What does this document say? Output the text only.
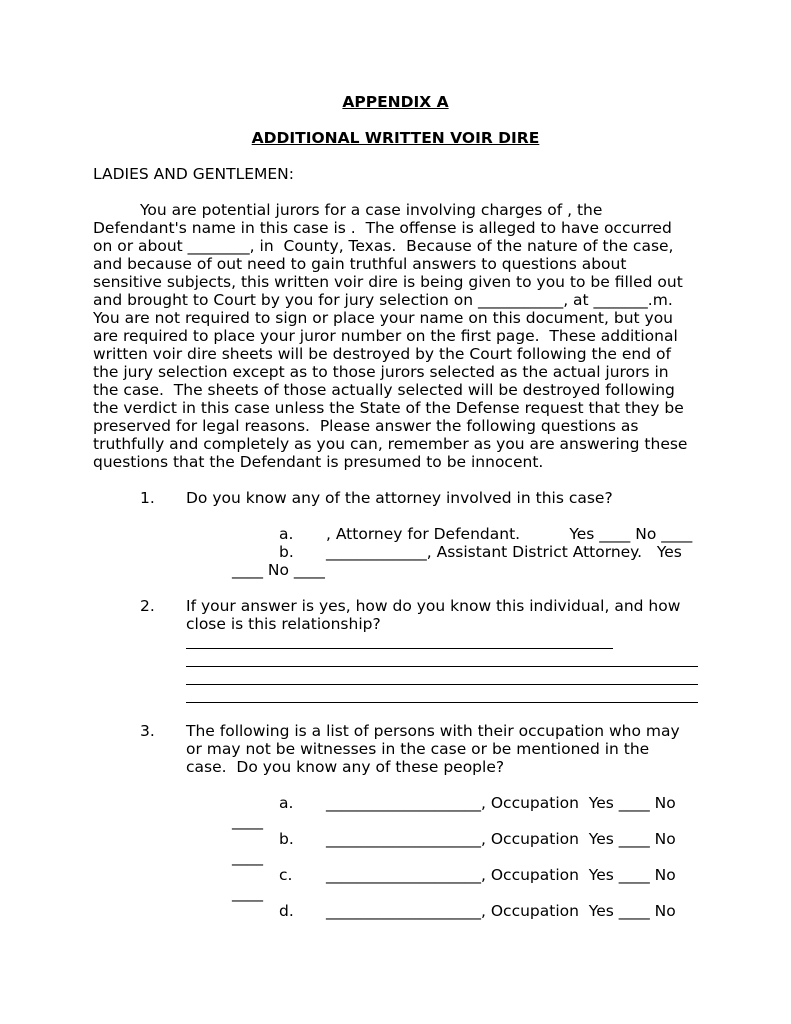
APPENDIX A
ADDITIONAL WRITTEN VOIR DIRE
LADIES AND GENTLEMEN:
You are potential jurors for a case involving charges of , the
Defendant's name in this case is .  The offense is alleged to have occurred
on or about ________, in  County, Texas.  Because of the nature of the case,
and because of out need to gain truthful answers to questions about
sensitive subjects, this written voir dire is being given to you to be filled out
and brought to Court by you for jury selection on ___________, at _______.m.
You are not required to sign or place your name on this document, but you
are required to place your juror number on the first page.  These additional
written voir dire sheets will be destroyed by the Court following the end of
the jury selection except as to those jurors selected as the actual jurors in
the case.  The sheets of those actually selected will be destroyed following
the verdict in this case unless the State of the Defense request that they be
preserved for legal reasons.  Please answer the following questions as
truthfully and completely as you can, remember as you are answering these
questions that the Defendant is presumed to be innocent.
1. Do you know any of the attorney involved in this case?
a. , Attorney for Defendant.          Yes ____ No ____
b. _____________, Assistant District Attorney.   Yes
____ No ____
2. If your answer is yes, how do you know this individual, and how
close is this relationship?
3. The following is a list of persons with their occupation who may
or may not be witnesses in the case or be mentioned in the
case.  Do you know any of these people?
a. ____________________, Occupation  Yes ____ No
____
b. ____________________, Occupation  Yes ____ No
____
c. ____________________, Occupation  Yes ____ No
____
d. ____________________, Occupation  Yes ____ No
